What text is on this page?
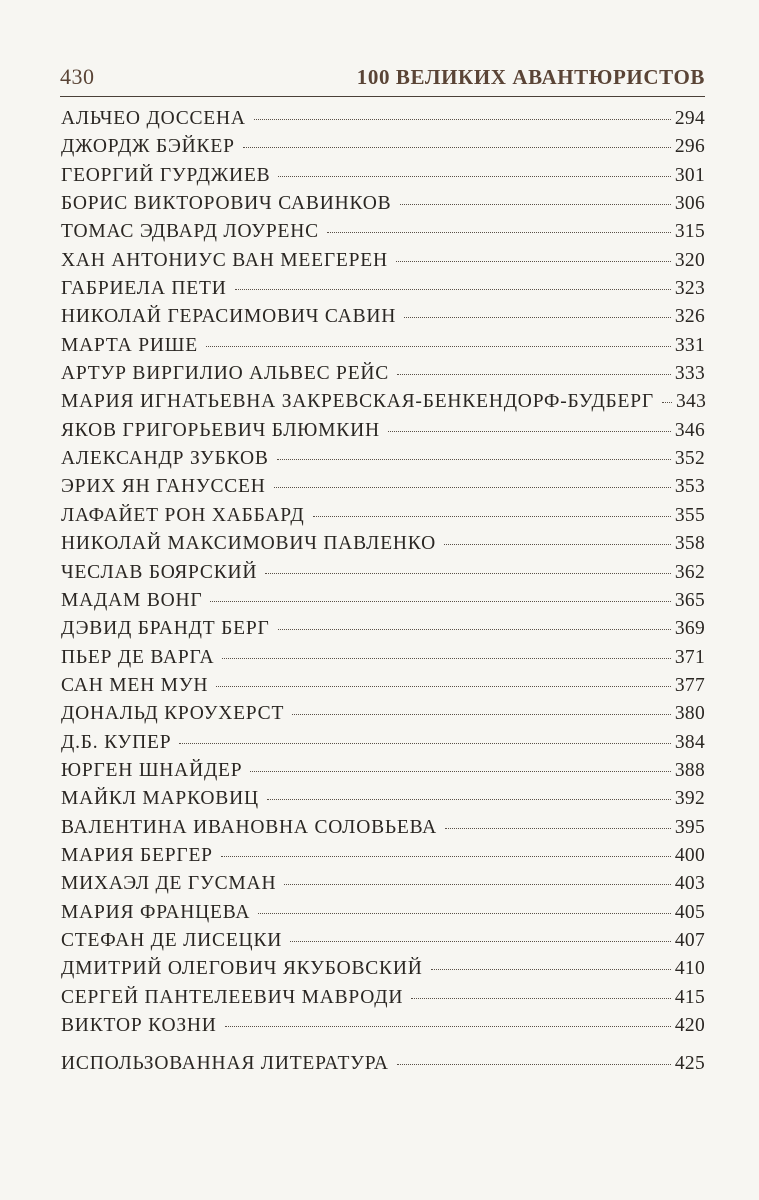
430	100 ВЕЛИКИХ АВАНТЮРИСТОВ
АЛЬЧЕО ДОССЕНА	294
ДЖОРДЖ БЭЙКЕР	296
ГЕОРГИЙ ГУРДЖИЕВ	301
БОРИС ВИКТОРОВИЧ САВИНКОВ	306
ТОМАС ЭДВАРД ЛОУРЕНС	315
ХАН АНТОНИУС ВАН МЕЕГЕРЕН	320
ГАБРИЕЛА ПЕТИ	323
НИКОЛАЙ ГЕРАСИМОВИЧ САВИН	326
МАРТА РИШЕ	331
АРТУР ВИРГИЛИО АЛЬВЕС РЕЙС	333
МАРИЯ ИГНАТЬЕВНА ЗАКРЕВСКАЯ-БЕНКЕНДОРФ-БУДБЕРГ 343
ЯКОВ ГРИГОРЬЕВИЧ БЛЮМКИН	346
АЛЕКСАНДР ЗУБКОВ	352
ЭРИХ ЯН ГАНУССЕН	353
ЛАФАЙЕТ РОН ХАББАРД	355
НИКОЛАЙ МАКСИМОВИЧ ПАВЛЕНКО	358
ЧЕСЛАВ БОЯРСКИЙ	362
МАДАМ ВОНГ	365
ДЭВИД БРАНДТ БЕРГ	369
ПЬЕР ДЕ ВАРГА	371
САН МЕН МУН	377
ДОНАЛЬД КРОУХЕРСТ	380
Д.Б. КУПЕР	384
ЮРГЕН ШНАЙДЕР	388
МАЙКЛ МАРКОВИЦ	392
ВАЛЕНТИНА ИВАНОВНА СОЛОВЬЕВА	395
МАРИЯ БЕРГЕР	400
МИХАЭЛ ДЕ ГУСМАН	403
МАРИЯ ФРАНЦЕВА	405
СТЕФАН ДЕ ЛИСЕЦКИ	407
ДМИТРИЙ ОЛЕГОВИЧ ЯКУБОВСКИЙ	410
СЕРГЕЙ ПАНТЕЛЕЕВИЧ МАВРОДИ	415
ВИКТОР КОЗНИ	420
ИСПОЛЬЗОВАННАЯ ЛИТЕРАТУРА	425
